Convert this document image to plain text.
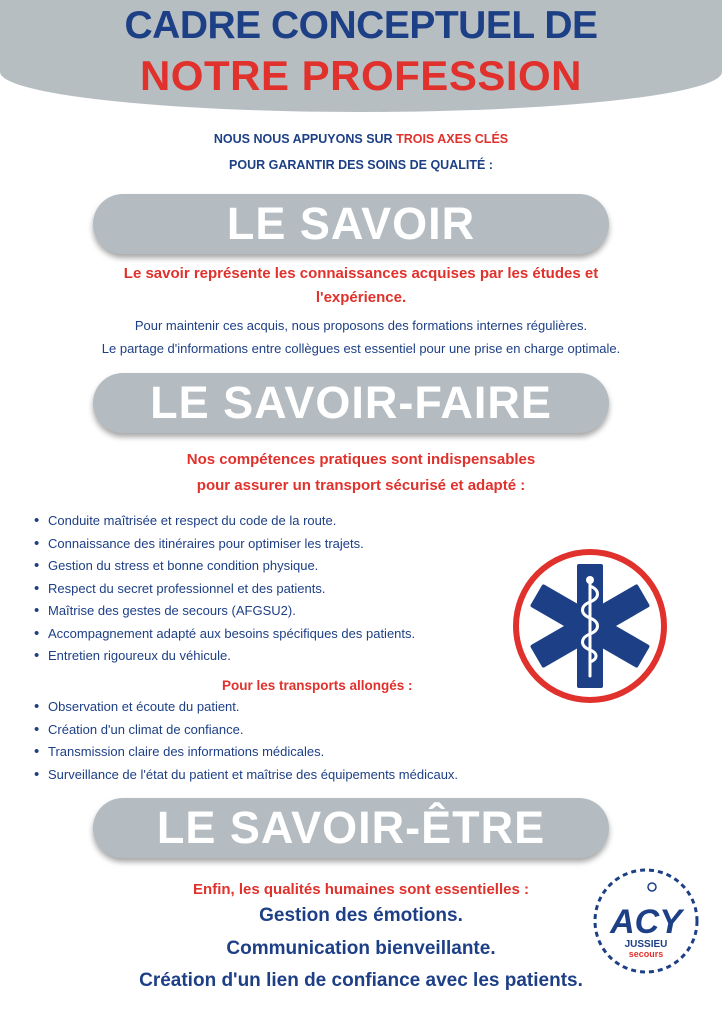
CADRE CONCEPTUEL DE
NOTRE PROFESSION
NOUS NOUS APPUYONS SUR TROIS AXES CLÉS
POUR GARANTIR DES SOINS DE QUALITÉ :
LE SAVOIR
Le savoir représente les connaissances acquises par les études et
l'expérience.
Pour maintenir ces acquis, nous proposons des formations internes régulières.
Le partage d'informations entre collègues est essentiel pour une prise en charge optimale.
LE SAVOIR-FAIRE
Nos compétences pratiques sont indispensables
pour assurer un transport sécurisé et adapté :
• Conduite maîtrisée et respect du code de la route.
• Connaissance des itinéraires pour optimiser les trajets.
• Gestion du stress et bonne condition physique.
• Respect du secret professionnel et des patients.
• Maîtrise des gestes de secours (AFGSU2).
• Accompagnement adapté aux besoins spécifiques des patients.
• Entretien rigoureux du véhicule.
Pour les transports allongés :
• Observation et écoute du patient.
• Création d'un climat de confiance.
• Transmission claire des informations médicales.
• Surveillance de l'état du patient et maîtrise des équipements médicaux.
LE SAVOIR-ÊTRE
Enfin, les qualités humaines sont essentielles :
Gestion des émotions.
Communication bienveillante.
Création d'un lien de confiance avec les patients.
ACY
JUSSIEU
secours
